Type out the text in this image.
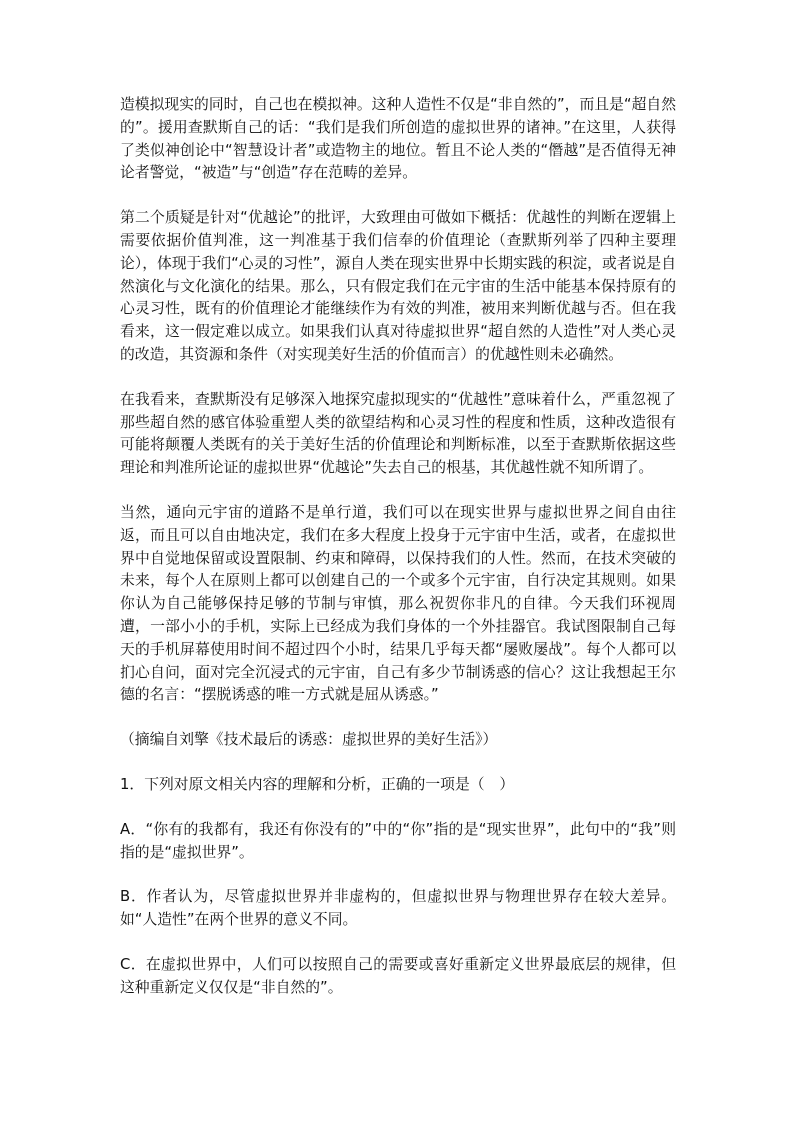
造模拟现实的同时，自己也在模拟神。这种人造性不仅是“非自然的”，而且是“超自然的”。援用查默斯自己的话：“我们是我们所创造的虚拟世界的诸神。”在这里，人获得了类似神创论中“智慧设计者”或造物主的地位。暂且不论人类的“僭越”是否值得无神论者警觉，“被造”与“创造”存在范畴的差异。

第二个质疑是针对“优越论”的批评，大致理由可做如下概括：优越性的判断在逻辑上需要依据价值判准，这一判准基于我们信奉的价值理论（查默斯列举了四种主要理论），体现于我们“心灵的习性”，源自人类在现实世界中长期实践的积淀，或者说是自然演化与文化演化的结果。那么，只有假定我们在元宇宙的生活中能基本保持原有的心灵习性，既有的价值理论才能继续作为有效的判准，被用来判断优越与否。但在我看来，这一假定难以成立。如果我们认真对待虚拟世界“超自然的人造性”对人类心灵的改造，其资源和条件（对实现美好生活的价值而言）的优越性则未必确然。

在我看来，查默斯没有足够深入地探究虚拟现实的“优越性”意味着什么，严重忽视了那些超自然的感官体验重塑人类的欲望结构和心灵习性的程度和性质，这种改造很有可能将颠覆人类既有的关于美好生活的价值理论和判断标准，以至于查默斯依据这些理论和判准所论证的虚拟世界“优越论”失去自己的根基，其优越性就不知所谓了。

当然，通向元宇宙的道路不是单行道，我们可以在现实世界与虚拟世界之间自由往返，而且可以自由地决定，我们在多大程度上投身于元宇宙中生活，或者，在虚拟世界中自觉地保留或设置限制、约束和障碍，以保持我们的人性。然而，在技术突破的未来，每个人在原则上都可以创建自己的一个或多个元宇宙，自行决定其规则。如果你认为自己能够保持足够的节制与审慎，那么祝贺你非凡的自律。今天我们环视周遭，一部小小的手机，实际上已经成为我们身体的一个外挂器官。我试图限制自己每天的手机屏幕使用时间不超过四个小时，结果几乎每天都“屡败屡战”。每个人都可以扪心自问，面对完全沉浸式的元宇宙，自己有多少节制诱惑的信心？这让我想起王尔德的名言：“摆脱诱惑的唯一方式就是屈从诱惑。”

（摘编自刘擎《技术最后的诱惑：虚拟世界的美好生活》）

1．下列对原文相关内容的理解和分析，正确的一项是（　）

A．“你有的我都有，我还有你没有的”中的“你”指的是“现实世界”，此句中的“我”则指的是“虚拟世界”。

B．作者认为，尽管虚拟世界并非虚构的，但虚拟世界与物理世界存在较大差异。如“人造性”在两个世界的意义不同。

C．在虚拟世界中，人们可以按照自己的需要或喜好重新定义世界最底层的规律，但这种重新定义仅仅是“非自然的”。
